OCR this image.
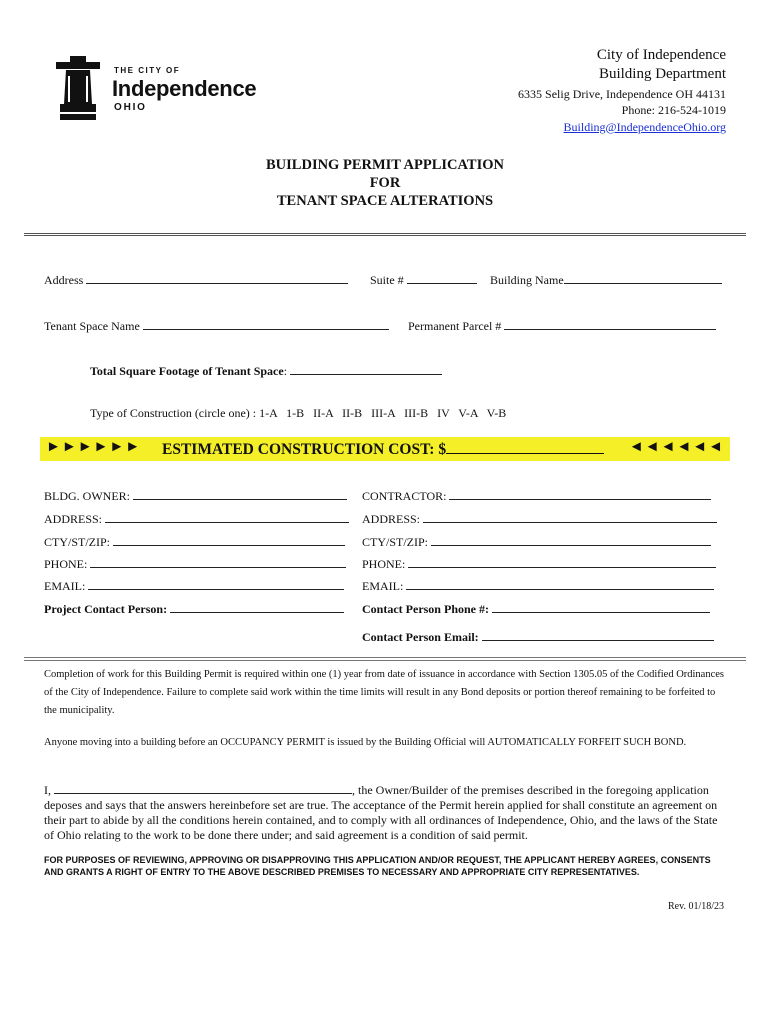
THE CITY OF
Independence
OHIO
City of Independence
Building Department
6335 Selig Drive, Independence OH 44131
Phone: 216-524-1019
Building@IndependenceOhio.org
BUILDING PERMIT APPLICATION
FOR
TENANT SPACE ALTERATIONS
Address	Suite #	Building Name
Tenant Space Name	Permanent Parcel #
Total Square Footage of Tenant Space:
Type of Construction (circle one) : 1-A   1-B   II-A   II-B   III-A   III-B   IV   V-A   V-B
►►►►►► ESTIMATED CONSTRUCTION COST: $	◄◄◄◄◄◄
BLDG. OWNER:
ADDRESS:
CTY/ST/ZIP:
PHONE:
EMAIL:
Project Contact Person:
CONTRACTOR:
ADDRESS:
CTY/ST/ZIP:
PHONE:
EMAIL:
Contact Person Phone #:
Contact Person Email:
Completion of work for this Building Permit is required within one (1) year from date of issuance in accordance with Section 1305.05 of the Codified Ordinances of the City of Independence. Failure to complete said work within the time limits will result in any Bond deposits or portion thereof remaining to be forfeited to the municipality.
Anyone moving into a building before an OCCUPANCY PERMIT is issued by the Building Official will AUTOMATICALLY FORFEIT SUCH BOND.
I,	, the Owner/Builder of the premises described in the foregoing application deposes and says that the answers hereinbefore set are true. The acceptance of the Permit herein applied for shall constitute an agreement on their part to abide by all the conditions herein contained, and to comply with all ordinances of Independence, Ohio, and the laws of the State of Ohio relating to the work to be done there under; and said agreement is a condition of said permit.
FOR PURPOSES OF REVIEWING, APPROVING OR DISAPPROVING THIS APPLICATION AND/OR REQUEST, THE APPLICANT HEREBY AGREES, CONSENTS AND GRANTS A RIGHT OF ENTRY TO THE ABOVE DESCRIBED PREMISES TO NECESSARY AND APPROPRIATE CITY REPRESENTATIVES.
Rev. 01/18/23
